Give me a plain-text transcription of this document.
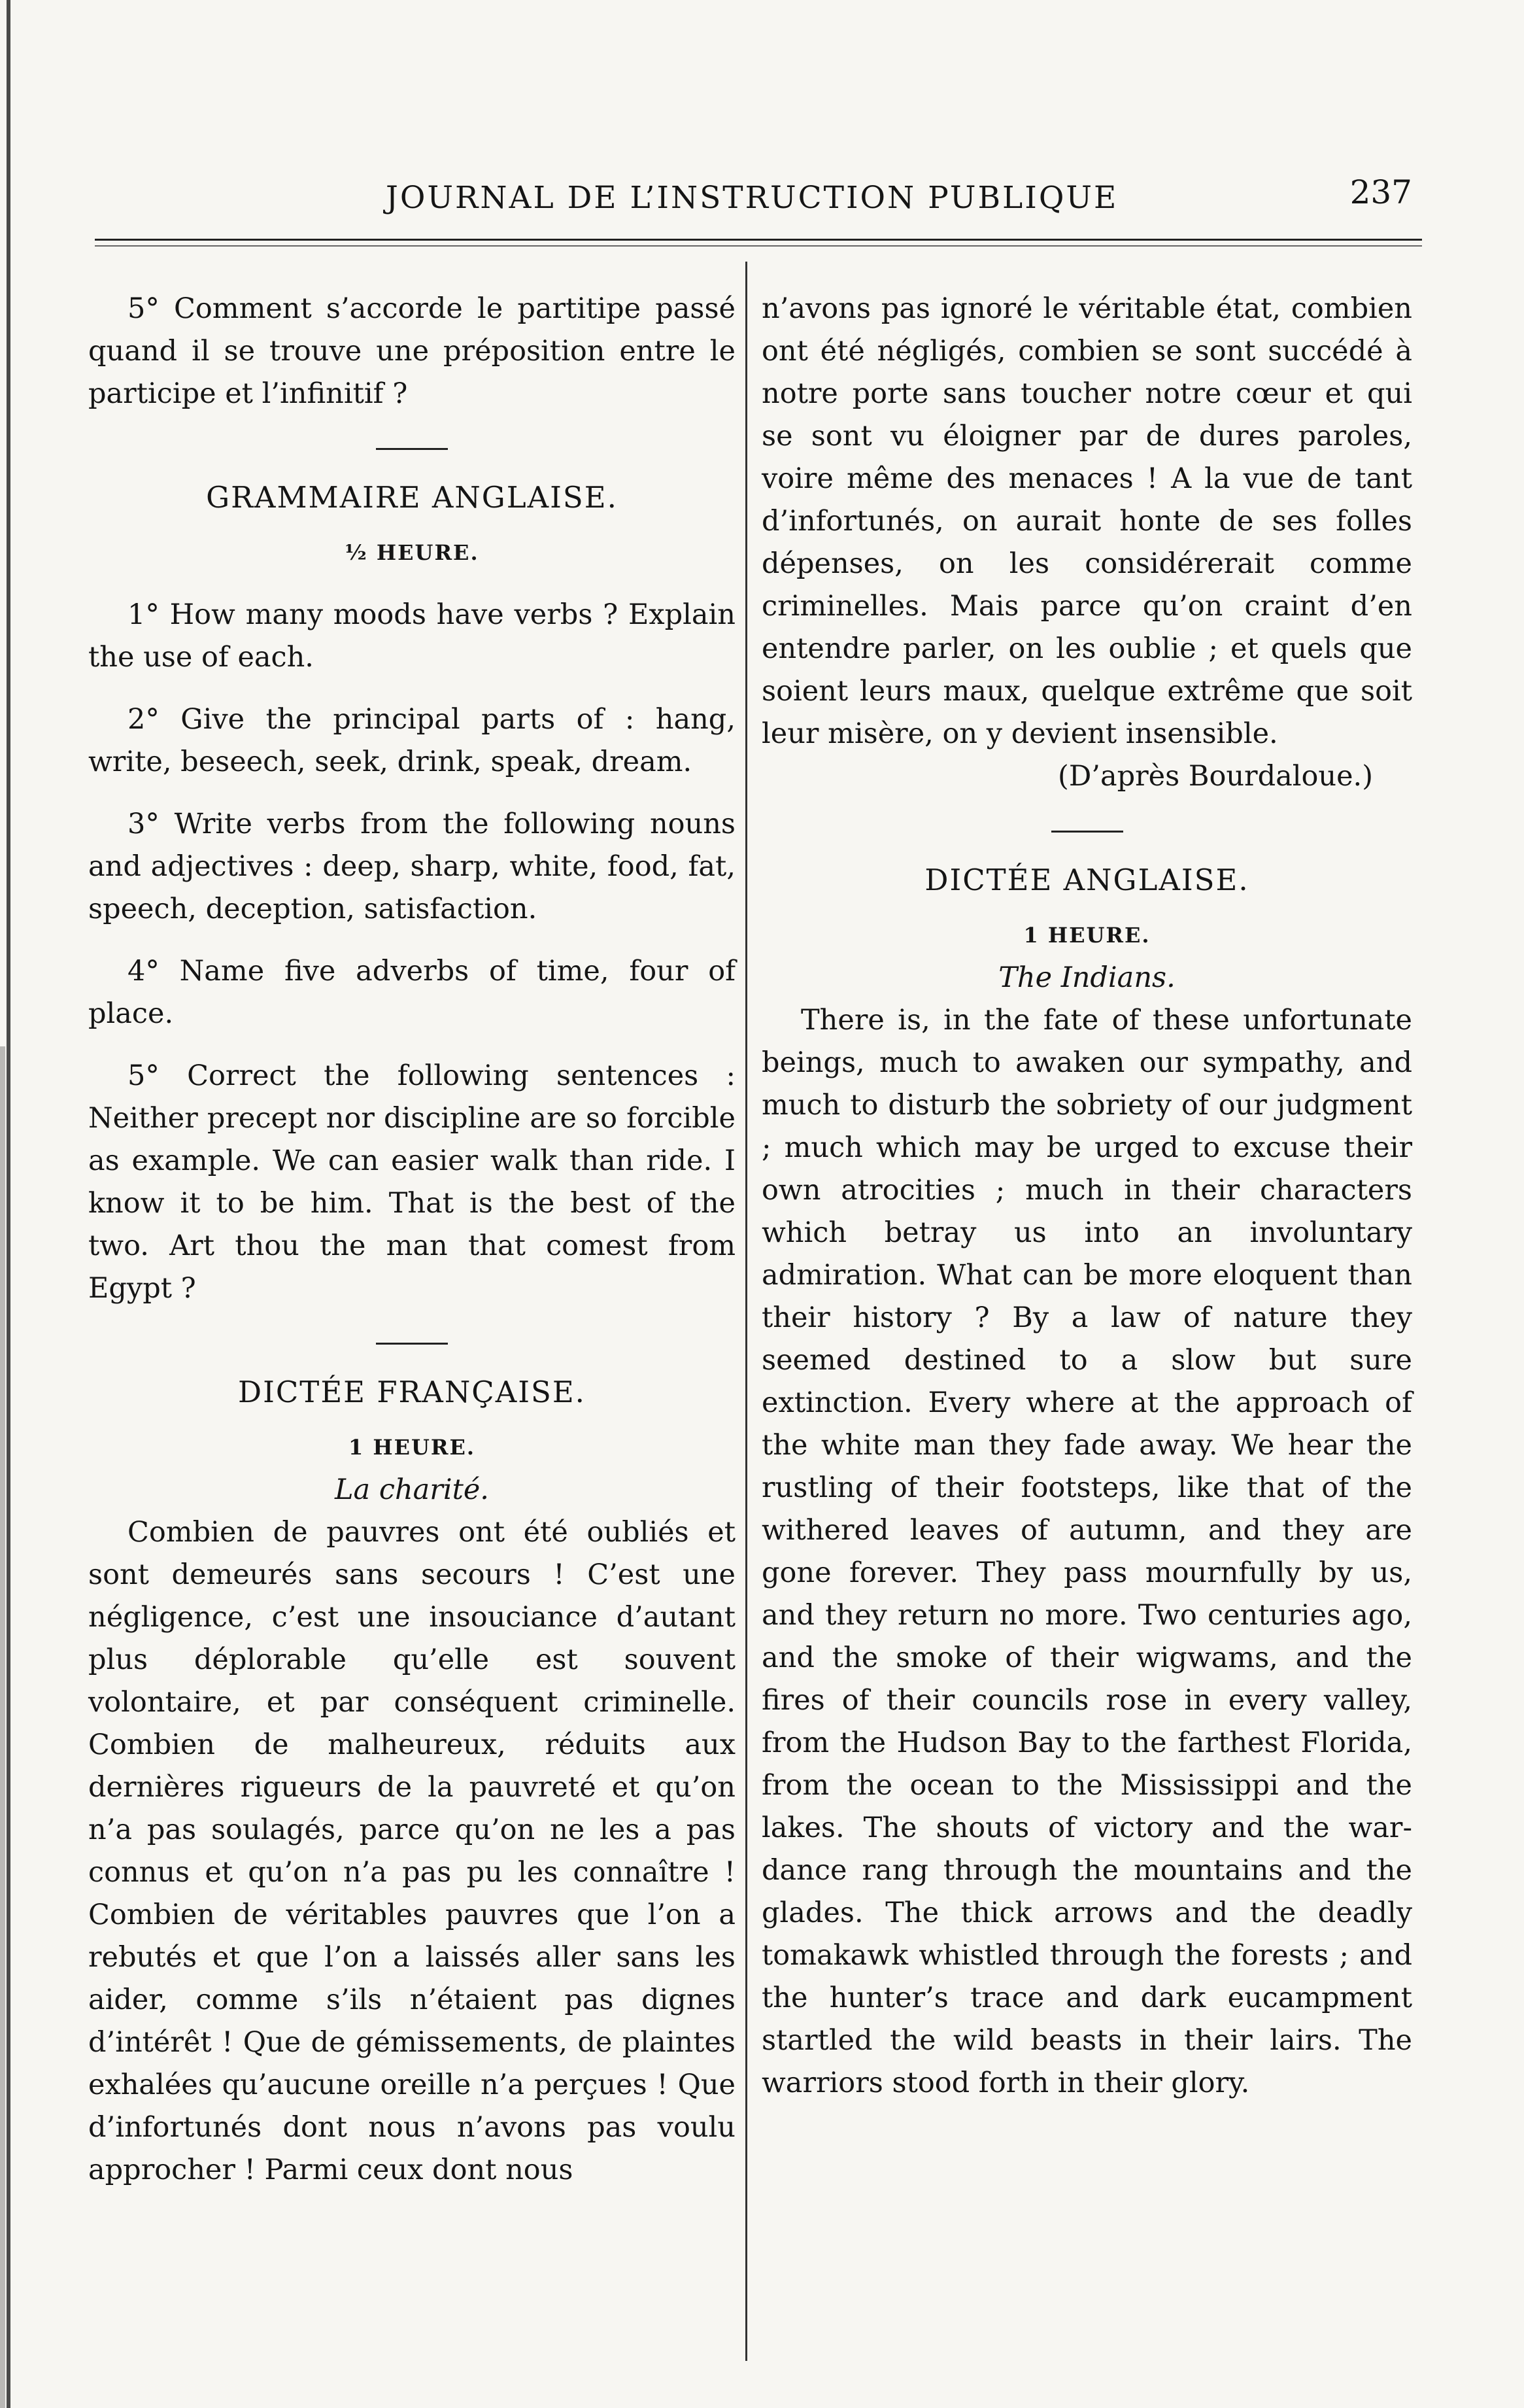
JOURNAL DE L’INSTRUCTION PUBLIQUE	237

5° Comment s’accorde le partitipe passé quand il se trouve une préposition entre le participe et l’infinitif ?

GRAMMAIRE ANGLAISE.

½ HEURE.

1° How many moods have verbs ? Explain the use of each.

2° Give the principal parts of : hang, write, beseech, seek, drink, speak, dream.

3° Write verbs from the following nouns and adjectives : deep, sharp, white, food, fat, speech, deception, satisfaction.

4° Name five adverbs of time, four of place.

5° Correct the following sentences : Neither precept nor discipline are so forcible as example. We can easier walk than ride. I know it to be him. That is the best of the two. Art thou the man that comest from Egypt ?

DICTÉE FRANÇAISE.

1 HEURE.

La charité.

Combien de pauvres ont été oubliés et sont demeurés sans secours ! C’est une négligence, c’est une insouciance d’autant plus déplorable qu’elle est souvent volontaire, et par conséquent criminelle. Combien de malheureux, réduits aux dernières rigueurs de la pauvreté et qu’on n’a pas soulagés, parce qu’on ne les a pas connus et qu’on n’a pas pu les connaître ! Combien de véritables pauvres que l’on a rebutés et que l’on a laissés aller sans les aider, comme s’ils n’étaient pas dignes d’intérêt ! Que de gémissements, de plaintes exhalées qu’aucune oreille n’a perçues ! Que d’infortunés dont nous n’avons pas voulu approcher ! Parmi ceux dont nous

n’avons pas ignoré le véritable état, combien ont été négligés, combien se sont succédé à notre porte sans toucher notre cœur et qui se sont vu éloigner par de dures paroles, voire même des menaces ! A la vue de tant d’infortunés, on aurait honte de ses folles dépenses, on les considérerait comme criminelles. Mais parce qu’on craint d’en entendre parler, on les oublie ; et quels que soient leurs maux, quelque extrême que soit leur misère, on y devient insensible.

(D’après Bourdaloue.)

DICTÉE ANGLAISE.

1 HEURE.

The Indians.

There is, in the fate of these unfortunate beings, much to awaken our sympathy, and much to disturb the sobriety of our judgment ; much which may be urged to excuse their own atrocities ; much in their characters which betray us into an involuntary admiration. What can be more eloquent than their history ? By a law of nature they seemed destined to a slow but sure extinction. Every where at the approach of the white man they fade away. We hear the rustling of their footsteps, like that of the withered leaves of autumn, and they are gone forever. They pass mournfully by us, and they return no more. Two centuries ago, and the smoke of their wigwams, and the fires of their councils rose in every valley, from the Hudson Bay to the farthest Florida, from the ocean to the Mississippi and the lakes. The shouts of victory and the war-dance rang through the mountains and the glades. The thick arrows and the deadly tomakawk whistled through the forests ; and the hunter’s trace and dark eucampment startled the wild beasts in their lairs. The warriors stood forth in their glory.
